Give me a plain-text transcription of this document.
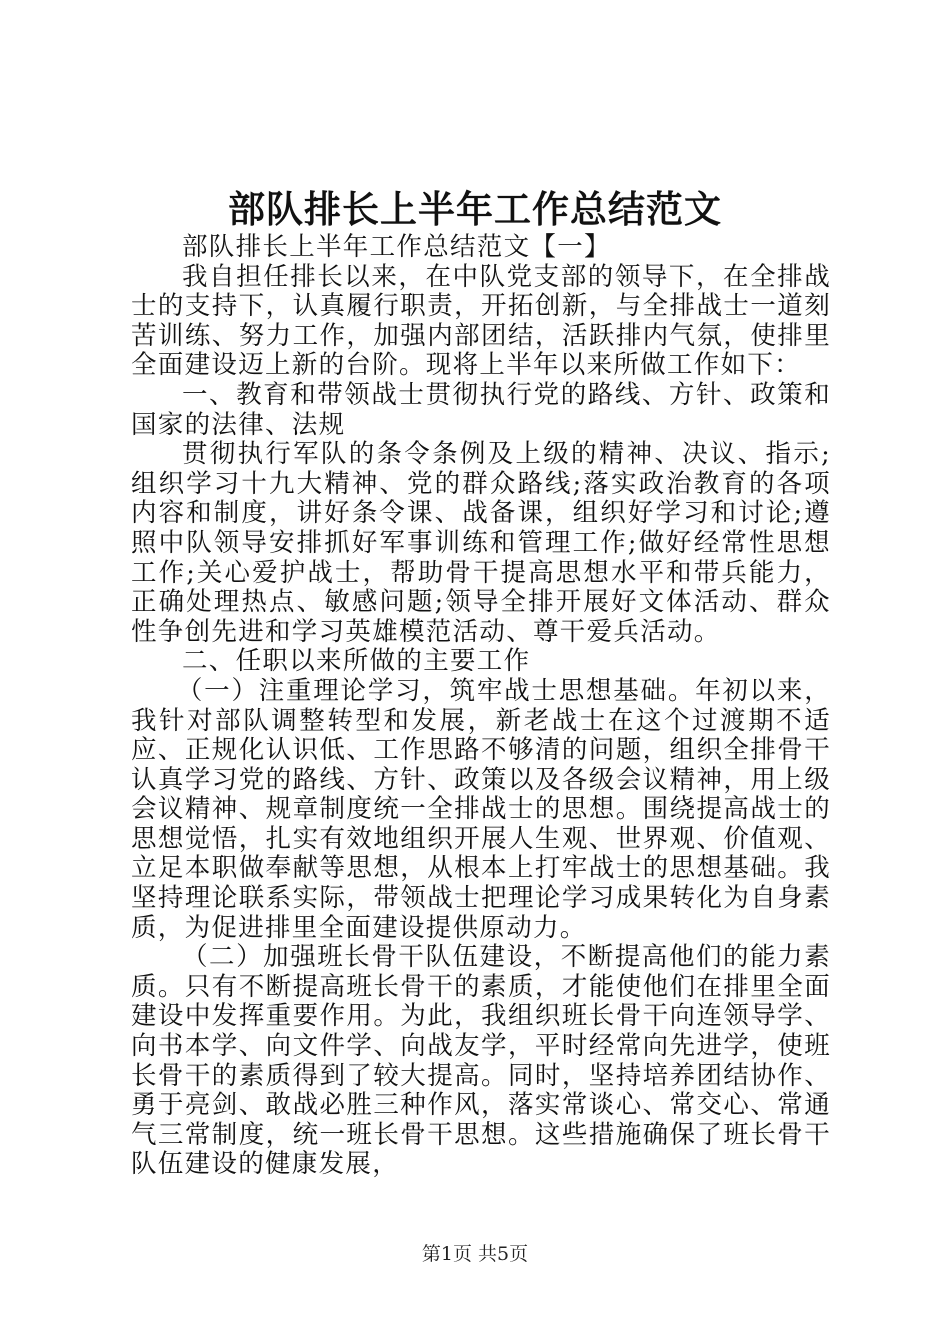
部队排长上半年工作总结范文

部队排长上半年工作总结范文【一】

我自担任排长以来，在中队党支部的领导下，在全排战士的支持下，认真履行职责，开拓创新，与全排战士一道刻苦训练、努力工作，加强内部团结，活跃排内气氛，使排里全面建设迈上新的台阶。现将上半年以来所做工作如下：

一、教育和带领战士贯彻执行党的路线、方针、政策和国家的法律、法规

贯彻执行军队的条令条例及上级的精神、决议、指示;组织学习十九大精神、党的群众路线;落实政治教育的各项内容和制度，讲好条令课、战备课，组织好学习和讨论;遵照中队领导安排抓好军事训练和管理工作;做好经常性思想工作;关心爱护战士，帮助骨干提高思想水平和带兵能力，正确处理热点、敏感问题;领导全排开展好文体活动、群众性争创先进和学习英雄模范活动、尊干爱兵活动。

二、任职以来所做的主要工作

（一）注重理论学习，筑牢战士思想基础。年初以来，我针对部队调整转型和发展，新老战士在这个过渡期不适应、正规化认识低、工作思路不够清的问题，组织全排骨干认真学习党的路线、方针、政策以及各级会议精神，用上级会议精神、规章制度统一全排战士的思想。围绕提高战士的思想觉悟，扎实有效地组织开展人生观、世界观、价值观、立足本职做奉献等思想，从根本上打牢战士的思想基础。我坚持理论联系实际，带领战士把理论学习成果转化为自身素质，为促进排里全面建设提供原动力。

（二）加强班长骨干队伍建设，不断提高他们的能力素质。只有不断提高班长骨干的素质，才能使他们在排里全面建设中发挥重要作用。为此，我组织班长骨干向连领导学、向书本学、向文件学、向战友学，平时经常向先进学，使班长骨干的素质得到了较大提高。同时，坚持培养团结协作、勇于亮剑、敢战必胜三种作风，落实常谈心、常交心、常通气三常制度，统一班长骨干思想。这些措施确保了班长骨干队伍建设的健康发展，

第1页 共5页
